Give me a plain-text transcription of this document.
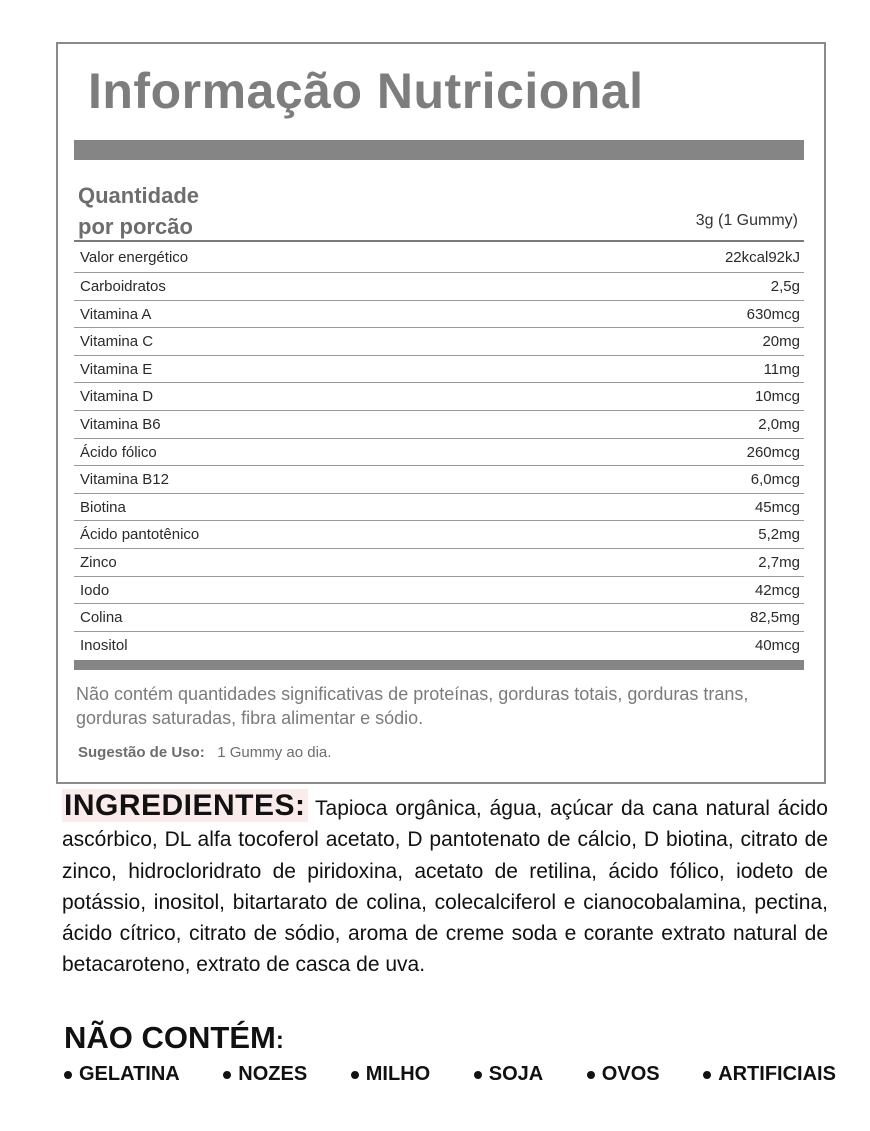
Informação Nutricional
Quantidade
por porcão	3g (1 Gummy)
Valor energético	22kcal92kJ
Carboidratos	2,5g
Vitamina A	630mcg
Vitamina C	20mg
Vitamina E	11mg
Vitamina D	10mcg
Vitamina B6	2,0mg
Ácido fólico	260mcg
Vitamina B12	6,0mcg
Biotina	45mcg
Ácido pantotênico	5,2mg
Zinco	2,7mg
Iodo	42mcg
Colina	82,5mg
Inositol	40mcg
Não contém quantidades significativas de proteínas, gorduras totais, gorduras trans, gorduras saturadas, fibra alimentar e sódio.
Sugestão de Uso: 1 Gummy ao dia.
INGREDIENTES: Tapioca orgânica, água, açúcar da cana natural ácido ascórbico, DL alfa tocoferol acetato, D pantotenato de cálcio, D biotina, citrato de zinco, hidrocloridrato de piridoxina, acetato de retilina, ácido fólico, iodeto de potássio, inositol, bitartarato de colina, colecalciferol e cianocobalamina, pectina, ácido cítrico, citrato de sódio, aroma de creme soda e corante extrato natural de betacaroteno, extrato de casca de uva.
NÃO CONTÉM:
GELATINA	NOZES	MILHO	SOJA	OVOS	ARTIFICIAIS
